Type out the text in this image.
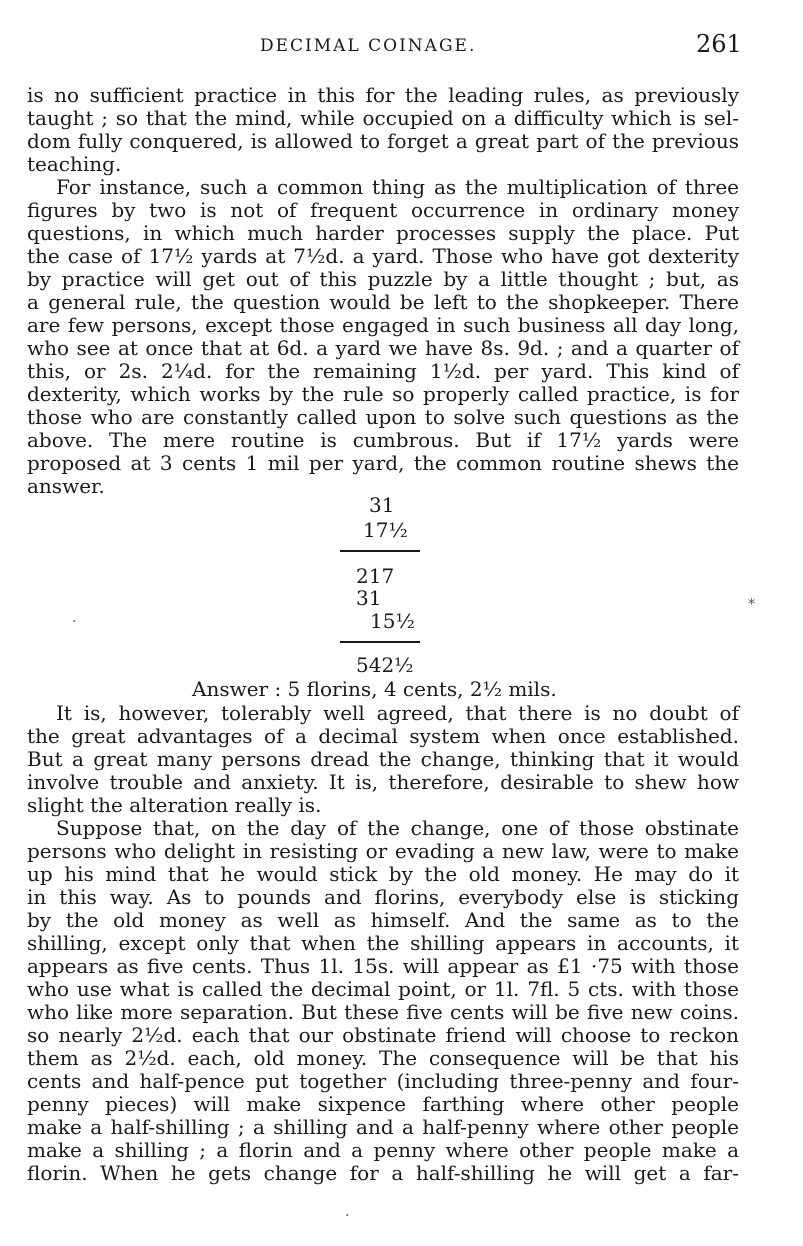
DECIMAL COINAGE.	261
is no sufficient practice in this for the leading rules, as previously
taught ; so that the mind, while occupied on a difficulty which is sel-
dom fully conquered, is allowed to forget a great part of the previous
teaching.
For instance, such a common thing as the multiplication of three
figures by two is not of frequent occurrence in ordinary money
questions, in which much harder processes supply the place. Put
the case of 17½ yards at 7½d. a yard. Those who have got dexterity
by practice will get out of this puzzle by a little thought ; but, as
a general rule, the question would be left to the shopkeeper. There
are few persons, except those engaged in such business all day long,
who see at once that at 6d. a yard we have 8s. 9d. ; and a quarter of
this, or 2s. 2¼d. for the remaining 1½d. per yard. This kind of
dexterity, which works by the rule so properly called practice, is for
those who are constantly called upon to solve such questions as the
above. The mere routine is cumbrous. But if 17½ yards were
proposed at 3 cents 1 mil per yard, the common routine shews the
answer.
31
17½
217
31
15½
542½
Answer : 5 florins, 4 cents, 2½ mils.
It is, however, tolerably well agreed, that there is no doubt of
the great advantages of a decimal system when once established.
But a great many persons dread the change, thinking that it would
involve trouble and anxiety. It is, therefore, desirable to shew how
slight the alteration really is.
Suppose that, on the day of the change, one of those obstinate
persons who delight in resisting or evading a new law, were to make
up his mind that he would stick by the old money. He may do it
in this way. As to pounds and florins, everybody else is sticking
by the old money as well as himself. And the same as to the
shilling, except only that when the shilling appears in accounts, it
appears as five cents. Thus 1l. 15s. will appear as £1 ·75 with those
who use what is called the decimal point, or 1l. 7fl. 5 cts. with those
who like more separation. But these five cents will be five new coins.
so nearly 2½d. each that our obstinate friend will choose to reckon
them as 2½d. each, old money. The consequence will be that his
cents and half-pence put together (including three-penny and four-
penny pieces) will make sixpence farthing where other people
make a half-shilling ; a shilling and a half-penny where other people
make a shilling ; a florin and a penny where other people make a
florin. When he gets change for a half-shilling he will get a far-
·
⁎
·
